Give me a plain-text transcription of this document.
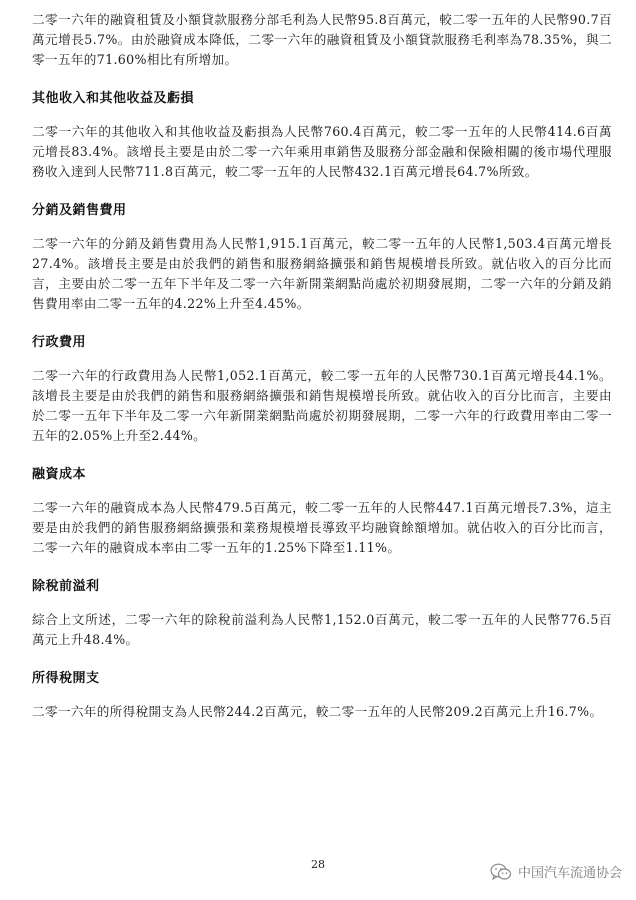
二零一六年的融資租賃及小額貸款服務分部毛利為人民幣95.8百萬元，較二零一五年的人民幣90.7百萬元增長5.7%。由於融資成本降低，二零一六年的融資租賃及小額貸款服務毛利率為78.35%，與二零一五年的71.60%相比有所增加。

其他收入和其他收益及虧損

二零一六年的其他收入和其他收益及虧損為人民幣760.4百萬元，較二零一五年的人民幣414.6百萬元增長83.4%。該增長主要是由於二零一六年乘用車銷售及服務分部金融和保險相關的後市場代理服務收入達到人民幣711.8百萬元，較二零一五年的人民幣432.1百萬元增長64.7%所致。

分銷及銷售費用

二零一六年的分銷及銷售費用為人民幣1,915.1百萬元，較二零一五年的人民幣1,503.4百萬元增長27.4%。該增長主要是由於我們的銷售和服務網絡擴張和銷售規模增長所致。就佔收入的百分比而言，主要由於二零一五年下半年及二零一六年新開業網點尚處於初期發展期，二零一六年的分銷及銷售費用率由二零一五年的4.22%上升至4.45%。

行政費用

二零一六年的行政費用為人民幣1,052.1百萬元，較二零一五年的人民幣730.1百萬元增長44.1%。該增長主要是由於我們的銷售和服務網絡擴張和銷售規模增長所致。就佔收入的百分比而言，主要由於二零一五年下半年及二零一六年新開業網點尚處於初期發展期，二零一六年的行政費用率由二零一五年的2.05%上升至2.44%。

融資成本

二零一六年的融資成本為人民幣479.5百萬元，較二零一五年的人民幣447.1百萬元增長7.3%，這主要是由於我們的銷售服務網絡擴張和業務規模增長導致平均融資餘額增加。就佔收入的百分比而言，二零一六年的融資成本率由二零一五年的1.25%下降至1.11%。

除稅前溢利

綜合上文所述，二零一六年的除稅前溢利為人民幣1,152.0百萬元，較二零一五年的人民幣776.5百萬元上升48.4%。

所得稅開支

二零一六年的所得稅開支為人民幣244.2百萬元，較二零一五年的人民幣209.2百萬元上升16.7%。

28
中国汽车流通协会
